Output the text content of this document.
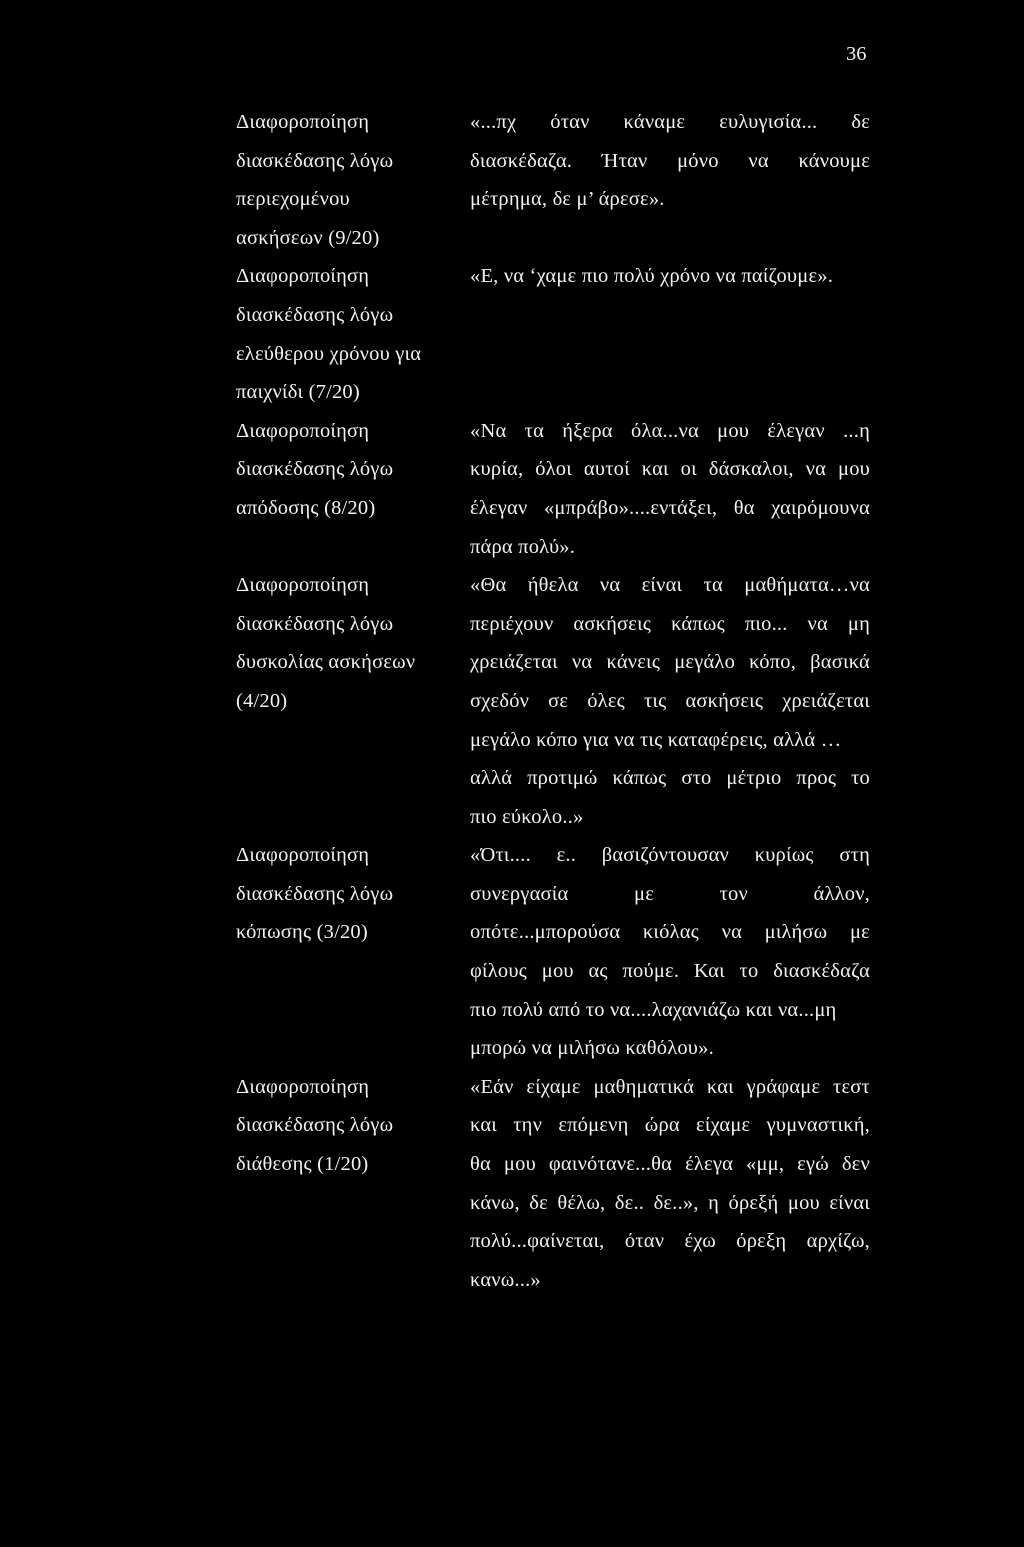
36
Διαφοροποίηση
διασκέδασης λόγω
περιεχομένου
ασκήσεων (9/20)
«...πχ όταν κάναμε ευλυγισία... δε
διασκέδαζα. Ήταν μόνο να κάνουμε
μέτρημα, δε μ’ άρεσε».
Διαφοροποίηση
διασκέδασης λόγω
ελεύθερου χρόνου για
παιχνίδι (7/20)
«Ε, να ‘χαμε πιο πολύ χρόνο να παίζουμε».
Διαφοροποίηση
διασκέδασης λόγω
απόδοσης (8/20)
«Να τα ήξερα όλα...να μου έλεγαν ...η
κυρία, όλοι αυτοί και οι δάσκαλοι, να μου
έλεγαν «μπράβο»....εντάξει, θα χαιρόμουνα
πάρα πολύ».
Διαφοροποίηση
διασκέδασης λόγω
δυσκολίας ασκήσεων
(4/20)
«Θα ήθελα να είναι τα μαθήματα…να
περιέχουν ασκήσεις κάπως πιο... να μη
χρειάζεται να κάνεις μεγάλο κόπο, βασικά
σχεδόν σε όλες τις ασκήσεις χρειάζεται
μεγάλο κόπο για να τις καταφέρεις, αλλά …
αλλά προτιμώ κάπως στο μέτριο προς το
πιο εύκολο..»
Διαφοροποίηση
διασκέδασης λόγω
κόπωσης (3/20)
«Ότι.... ε.. βασιζόντουσαν κυρίως στη
συνεργασία με τον άλλον,
οπότε...μπορούσα κιόλας να μιλήσω με
φίλους μου ας πούμε. Και το διασκέδαζα
πιο πολύ από το να....λαχανιάζω και να...μη
μπορώ να μιλήσω καθόλου».
Διαφοροποίηση
διασκέδασης λόγω
διάθεσης (1/20)
«Εάν είχαμε μαθηματικά και γράφαμε τεστ
και την επόμενη ώρα είχαμε γυμναστική,
θα μου φαινότανε...θα έλεγα «μμ, εγώ δεν
κάνω, δε θέλω, δε.. δε..», η όρεξή μου είναι
πολύ...φαίνεται, όταν έχω όρεξη αρχίζω,
κανω...»
